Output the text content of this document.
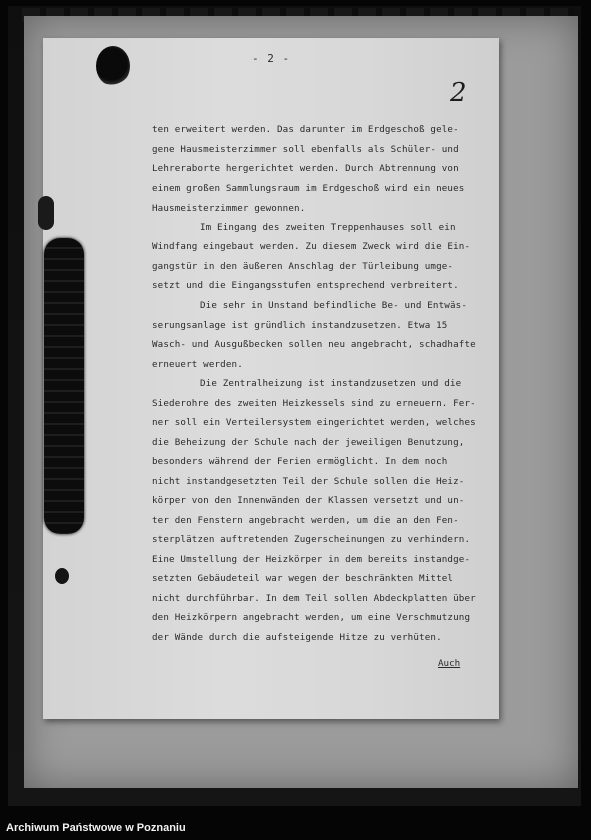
- 2 -
2
ten erweitert werden. Das darunter im Erdgeschoß gele-
gene Hausmeisterzimmer soll ebenfalls als Schüler- und
Lehreraborte hergerichtet werden. Durch Abtrennung von
einem großen Sammlungsraum im Erdgeschoß wird ein neues
Hausmeisterzimmer gewonnen.
Im Eingang des zweiten Treppenhauses soll ein
Windfang eingebaut werden. Zu diesem Zweck wird die Ein-
gangstür in den äußeren Anschlag der Türleibung umge-
setzt und die Eingangsstufen entsprechend verbreitert.
Die sehr in Unstand befindliche Be- und Entwäs-
serungsanlage ist gründlich instandzusetzen. Etwa 15
Wasch- und Ausgußbecken sollen neu angebracht, schadhafte
erneuert werden.
Die Zentralheizung ist instandzusetzen und die
Siederohre des zweiten Heizkessels sind zu erneuern. Fer-
ner soll ein Verteilersystem eingerichtet werden, welches
die Beheizung der Schule nach der jeweiligen Benutzung,
besonders während der Ferien ermöglicht. In dem noch
nicht instandgesetzten Teil der Schule sollen die Heiz-
körper von den Innenwänden der Klassen versetzt und un-
ter den Fenstern angebracht werden, um die an den Fen-
sterplätzen auftretenden Zugerscheinungen zu verhindern.
Eine Umstellung der Heizkörper in dem bereits instandge-
setzten Gebäudeteil war wegen der beschränkten Mittel
nicht durchführbar. In dem Teil sollen Abdeckplatten über
den Heizkörpern angebracht werden, um eine Verschmutzung
der Wände durch die aufsteigende Hitze zu verhüten.
Auch
Archiwum Państwowe w Poznaniu
